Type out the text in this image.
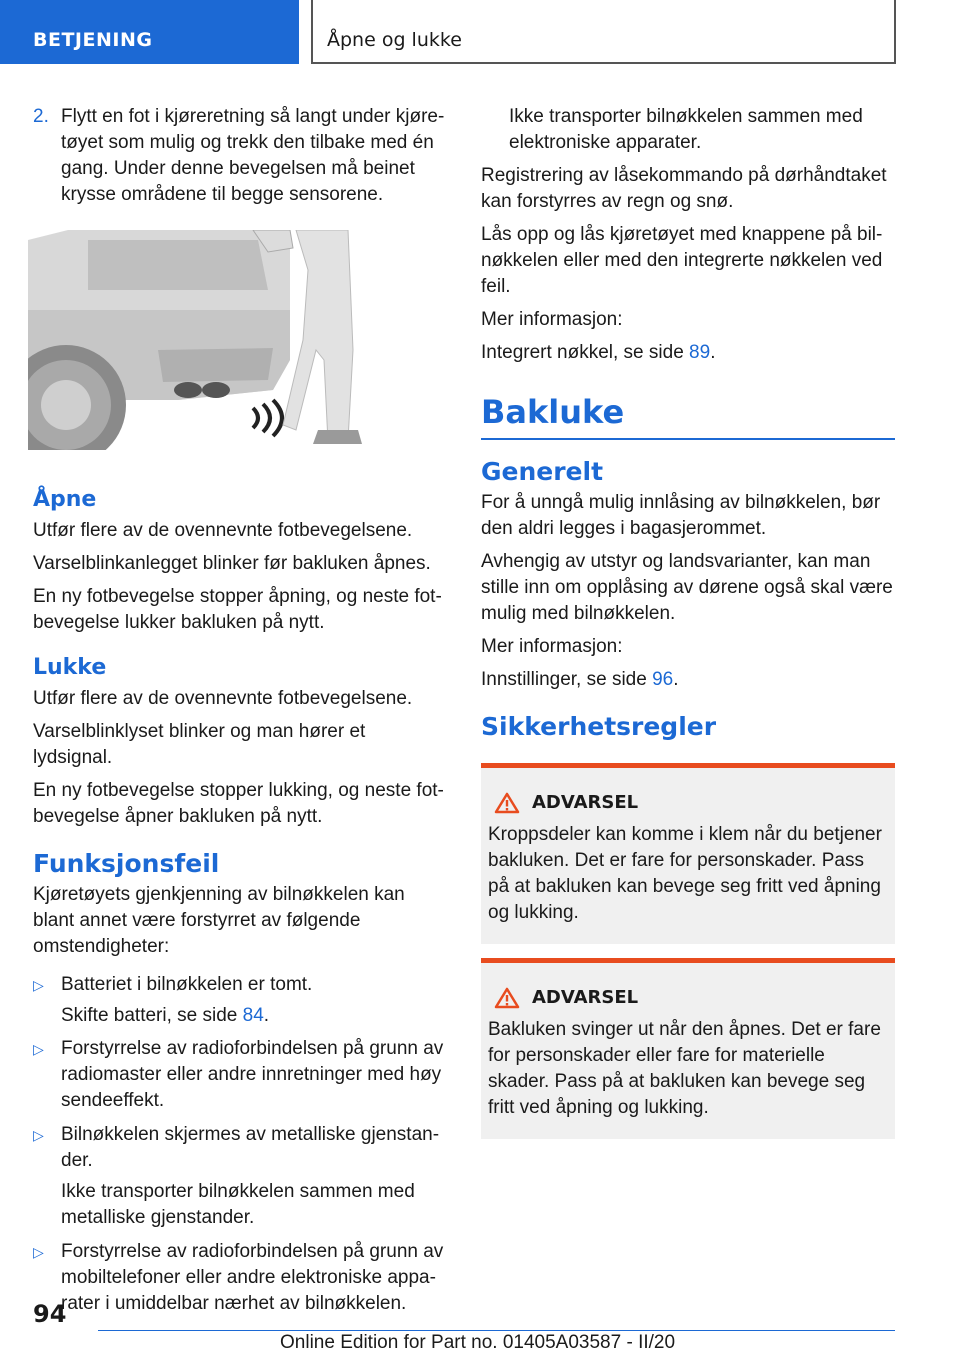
BETJENING	Åpne og lukke
2. Flytt en fot i kjøreretning så langt under kjøretøyet som mulig og trekk den tilbake med én gang. Under denne bevegelsen må beinet krysse områdene til begge sensorene.
Åpne

Utfør flere av de ovennevnte fotbevegelsene.

Varselblinkanlegget blinker før bakluken åpnes.

En ny fotbevegelse stopper åpning, og neste fotbevegelse lukker bakluken på nytt.

Lukke

Utfør flere av de ovennevnte fotbevegelsene.

Varselblinklyset blinker og man hører et lydsignal.

En ny fotbevegelse stopper lukking, og neste fotbevegelse åpner bakluken på nytt.

Funksjonsfeil

Kjøretøyets gjenkjenning av bilnøkkelen kan blant annet være forstyrret av følgende omstendigheter:

▷ Batteriet i bilnøkkelen er tomt.
Skifte batteri, se side 84.
▷ Forstyrrelse av radioforbindelsen på grunn av radiomaster eller andre innretninger med høy sendeeffekt.
▷ Bilnøkkelen skjermes av metalliske gjenstander.
Ikke transporter bilnøkkelen sammen med metalliske gjenstander.
▷ Forstyrrelse av radioforbindelsen på grunn av mobiltelefoner eller andre elektroniske apparater i umiddelbar nærhet av bilnøkkelen.
Ikke transporter bilnøkkelen sammen med elektroniske apparater.

Registrering av låsekommando på dørhåndtaket kan forstyrres av regn og snø.

Lås opp og lås kjøretøyet med knappene på bilnøkkelen eller med den integrerte nøkkelen ved feil.

Mer informasjon:

Integrert nøkkel, se side 89.

Bakluke
Generelt

For å unngå mulig innlåsing av bilnøkkelen, bør den aldri legges i bagasjerommet.

Avhengig av utstyr og landsvarianter, kan man stille inn om opplåsing av dørene også skal være mulig med bilnøkkelen.

Mer informasjon:

Innstillinger, se side 96.

Sikkerhetsregler
ADVARSEL

Kroppsdeler kan komme i klem når du betjener bakluken. Det er fare for personskader. Pass på at bakluken kan bevege seg fritt ved åpning og lukking.

ADVARSEL

Bakluken svinger ut når den åpnes. Det er fare for personskader eller fare for materielle skader. Pass på at bakluken kan bevege seg fritt ved åpning og lukking.

94
Online Edition for Part no. 01405A03587 - II/20
